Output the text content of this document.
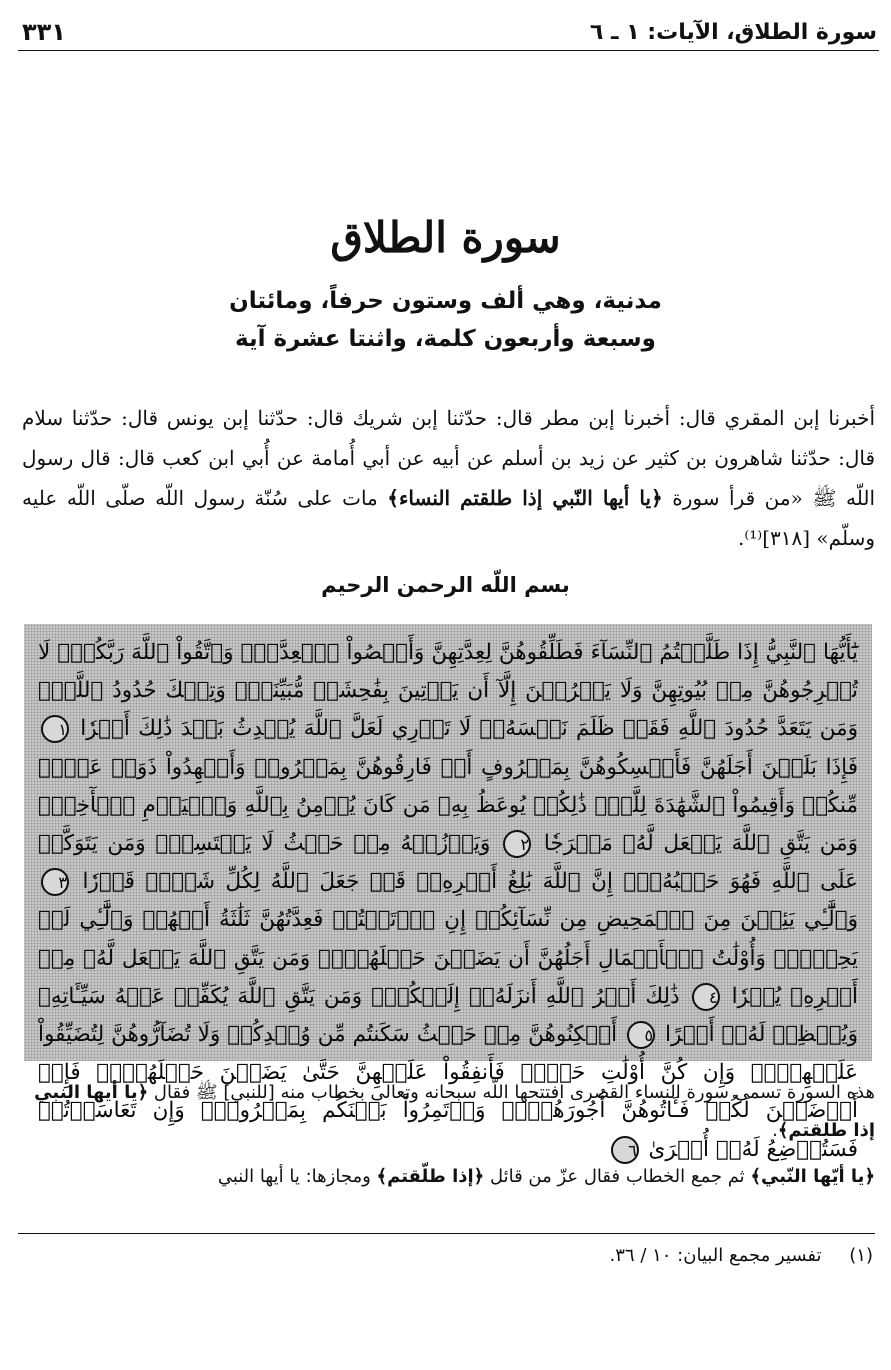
سورة الطلاق، الآيات: ١ ـ ٦
٣٣١
سورة الطلاق
مدنية، وهي ألف وستون حرفاً، ومائتان
وسبعة وأربعون كلمة، واثنتا عشرة آية
أخبرنا إبن المقري قال: أخبرنا إبن مطر قال: حدّثنا إبن شريك قال: حدّثنا إبن يونس قال: حدّثنا سلام قال: حدّثنا شاهرون بن كثير عن زيد بن أسلم عن أبيه عن أبي أُمامة عن أُبي ابن كعب قال: قال رسول اللّه ﷺ «من قرأ سورة ﴿يا أيها النّبي إذا طلقتم النساء﴾ مات على سُنّة رسول اللّه صلّى اللّه عليه وسلّم» [٣١٨]⁽¹⁾.
بسم اللّه الرحمن الرحيم
يَٰٓأَيُّهَا ٱلنَّبِيُّ إِذَا طَلَّقۡتُمُ ٱلنِّسَآءَ فَطَلِّقُوهُنَّ لِعِدَّتِهِنَّ وَأَحۡصُواْ ٱلۡعِدَّةَۖ وَٱتَّقُواْ ٱللَّهَ رَبَّكُمۡۖ لَا تُخۡرِجُوهُنَّ مِنۢ بُيُوتِهِنَّ وَلَا يَخۡرُجۡنَ إِلَّآ أَن يَأۡتِينَ بِفَٰحِشَةٖ مُّبَيِّنَةٖۚ وَتِلۡكَ حُدُودُ ٱللَّهِۚ وَمَن يَتَعَدَّ حُدُودَ ٱللَّهِ فَقَدۡ ظَلَمَ نَفۡسَهُۥۚ لَا تَدۡرِي لَعَلَّ ٱللَّهَ يُحۡدِثُ بَعۡدَ ذَٰلِكَ أَمۡرٗا ١ فَإِذَا بَلَغۡنَ أَجَلَهُنَّ فَأَمۡسِكُوهُنَّ بِمَعۡرُوفٍ أَوۡ فَارِقُوهُنَّ بِمَعۡرُوفٖ وَأَشۡهِدُواْ ذَوَيۡ عَدۡلٖ مِّنكُمۡ وَأَقِيمُواْ ٱلشَّهَٰدَةَ لِلَّهِۚ ذَٰلِكُمۡ يُوعَظُ بِهِۦ مَن كَانَ يُؤۡمِنُ بِٱللَّهِ وَٱلۡيَوۡمِ ٱلۡأٓخِرِۚ وَمَن يَتَّقِ ٱللَّهَ يَجۡعَل لَّهُۥ مَخۡرَجٗا ٢ وَيَرۡزُقۡهُ مِنۡ حَيۡثُ لَا يَحۡتَسِبُۚ وَمَن يَتَوَكَّلۡ عَلَى ٱللَّهِ فَهُوَ حَسۡبُهُۥٓۚ إِنَّ ٱللَّهَ بَٰلِغُ أَمۡرِهِۦۚ قَدۡ جَعَلَ ٱللَّهُ لِكُلِّ شَيۡءٖ قَدۡرٗا ٣ وَٱلَّٰٓـِٔي يَئِسۡنَ مِنَ ٱلۡمَحِيضِ مِن نِّسَآئِكُمۡ إِنِ ٱرۡتَبۡتُمۡ فَعِدَّتُهُنَّ ثَلَٰثَةُ أَشۡهُرٖ وَٱلَّٰٓـِٔي لَمۡ يَحِضۡنَۚ وَأُوْلَٰتُ ٱلۡأَحۡمَالِ أَجَلُهُنَّ أَن يَضَعۡنَ حَمۡلَهُنَّۚ وَمَن يَتَّقِ ٱللَّهَ يَجۡعَل لَّهُۥ مِنۡ أَمۡرِهِۦ يُسۡرٗا ٤ ذَٰلِكَ أَمۡرُ ٱللَّهِ أَنزَلَهُۥٓ إِلَيۡكُمۡۚ وَمَن يَتَّقِ ٱللَّهَ يُكَفِّرۡ عَنۡهُ سَيِّـَٔاتِهِۦ وَيُعۡظِمۡ لَهُۥٓ أَجۡرًا ٥ أَسۡكِنُوهُنَّ مِنۡ حَيۡثُ سَكَنتُم مِّن وُجۡدِكُمۡ وَلَا تُضَآرُّوهُنَّ لِتُضَيِّقُواْ عَلَيۡهِنَّۚ وَإِن كُنَّ أُوْلَٰتِ حَمۡلٖ فَأَنفِقُواْ عَلَيۡهِنَّ حَتَّىٰ يَضَعۡنَ حَمۡلَهُنَّۚ فَإِنۡ أَرۡضَعۡنَ لَكُمۡ فَـَٔاتُوهُنَّ أُجُورَهُنَّۖ وَأۡتَمِرُواْ بَيۡنَكُم بِمَعۡرُوفٖۖ وَإِن تَعَاسَرۡتُمۡ فَسَتُرۡضِعُ لَهُۥٓ أُخۡرَىٰ ٦

هذه السورة تسمى سورة النساء القصرى افتتحها اللّه سبحانه وتعالى بخطاب منه [للنبي] ﷺ فقال ﴿يا أيها النبي إذا طلقتم﴾.

﴿يا أيّها النّبي﴾ ثم جمع الخطاب فقال عزّ من قائل ﴿إذا طلّقتم﴾ ومجازها: يا أيها النبي

(١) تفسير مجمع البيان: ١٠ / ٣٦.
